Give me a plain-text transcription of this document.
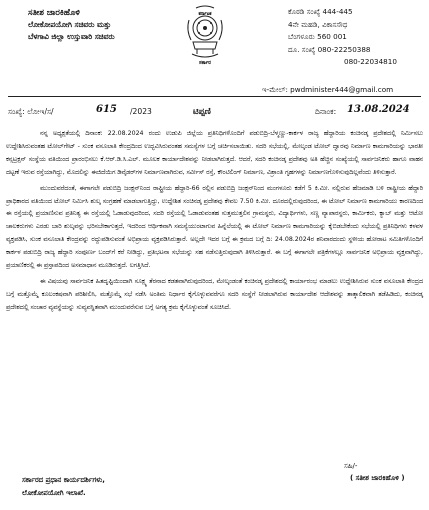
ಸತೀಶ ಜಾರಕಿಹೊಳಿ
ಲೋಕೋಪಯೋಗಿ ಸಚಿವರು ಮತ್ತು
ಬೆಳಗಾವಿ ಜಿಲ್ಲಾ ಉಸ್ತುವಾರಿ ಸಚಿವರು
ಕರ್ನಾಟಕ
ಸರ್ಕಾರ
ಕೊಠಡಿ ಸಂಖ್ಯೆ 444-445
4ನೇ ಮಹಡಿ, ವಿಕಾಸಸೌಧ
ಬೆಂಗಳೂರು 560 001
ದೂ. ಸಂಖ್ಯೆ 080-22250388
080-22034810
ಇ-ಮೇಲ್: pwdminister444@gmail.com
ಸಂಖ್ಯೆ: ಲೋಇ/ಸ/	615 /2023	ಟಿಪ್ಪಣಿ	ದಿನಾಂಕ: 13.08.2024

ನನ್ನ ಅಧ್ಯಕ್ಷತೆಯಲ್ಲಿ ದಿನಾಂಕ: 22.08.2024 ರಂದು ಉಡುಪಿ ಜಿಲ್ಲೆಯ ಪ್ರತಿನಿಧಿಗಳೊಂದಿಗೆ ಪಡುಬಿದ್ರಿ-ಬೆಳ್ಮಣ್ಣು-ಕಾರ್ಕಳ ರಾಜ್ಯ ಹೆದ್ದಾರಿಯ ಕಂಚಿನಡ್ಕ ಪ್ರದೇಶದಲ್ಲಿ ನಿರ್ಮಿಸಲು ಉದ್ದೇಶಿಸಿರುವಂತಹ ಟೋಲ್‌ಗೇಟ್ - ಸುಂಕ ವಸೂಲಾತಿ ಕೇಂದ್ರದಿಂದ ಉದ್ಭವಿಸಿರುವಂತಹ ಸಮಸ್ಯೆಗಳ ಬಗ್ಗೆ ಚರ್ಚಿಸಲಾಯಿತು. ಸದರಿ ಸಭೆಯಲ್ಲಿ, ಮೇಲ್ಕಂಡ ಟೋಲ್ ದ್ವಾರವು ನಿರ್ಮಾಣ ಕಾಮಗಾರಿಯನ್ನು ಭಾರತೀ ಕನ್ಸಟ್ರಕ್ಷನ್ ಸಂಸ್ಥೆಯ ವತಿಯಿಂದ ಪ್ರಾರಂಭಿಸಲು ಕೆ.ಆರ್.ಡಿ.ಸಿ.ಎಲ್. ಮೂಲಕ ಕಾರ್ಯಾದೇಶವನ್ನು ನೀಡಲಾಗಿರುತ್ತದೆ. ಆದರೆ, ಸದರಿ ಕಂಚಿನಡ್ಕ ಪ್ರದೇಶವು ಅತಿ ಹೆಚ್ಚಿನ ಸಂಖ್ಯೆಯಲ್ಲಿ ಸಾರ್ವಜನಿಕರು ಹಾಗೂ ವಾಹನ ದಟ್ಟಣೆ ಇರುವ ರಸ್ತೆಯಾಗಿದ್ದು, ಮೊದಲಿನ್ನು ಈಜಿದೆಯಿಗ ಡಿವೈಡರ್‌ಗಳ ನಿರ್ಮಾಣವಾಗಿರುವ, ಸರ್ವೀಸ್ ರಸ್ತೆ, ಕೌಂಟಿಲಿಂಗ್ ನಿರ್ಮಾಣ, ವಿಶ್ರಾಂತಿ ಗೃಹಗಳನ್ನು ನಿರ್ಮಾಣಗೊಳಿಸುವುದಿಲ್ಲವೆಂದು ತಿಳಿಸುತ್ತಾರೆ.

ಮುಂದುವರೆದಂತೆ, ಈಗಾಗಲೇ ಪಡುಬಿದ್ರಿ ಜಂಕ್ಷನ್‌ನಿಂದ ರಾಷ್ಟ್ರೀಯ ಹೆದ್ದಾರಿ-66 ರಲ್ಲಿನ ಪಡುಬಿದ್ರಿ ಜಂಕ್ಷನ್‌ನಿಂದ ಮಂಗಳೂರು ಕಡೆಗೆ 5 ಕಿ.ಮೀ. ನಲ್ಲಿರುವ ಹೆಜಮಾಡಿ ಬಳಿ ರಾಷ್ಟ್ರೀಯ ಹೆದ್ದಾರಿ ಪ್ರಾಧಿಕಾರದ ವತಿಯಿಂದ ಟೋಲ್ ನಿರ್ಮಿಸಿ ಶುಲ್ಕ ಸಂಗ್ರಹಣೆ ಮಾಡಲಾಗುತ್ತಿದ್ದು, ಉದ್ದೇಶಿತ ಸಂಚಿನಡ್ಕ ಪ್ರದೇಶವು ಕೇವಲ 7.50 ಕಿ.ಮೀ. ದೂರದಲ್ಲಿರುವುದರಿಂದ, ಈ ಟೋಲ್ ನಿರ್ಮಾಣ ಕಾಮಗಾರಿಯು ಕಾರಣದಿಂದ ಈ ರಸ್ತೆಯಲ್ಲಿ ಪ್ರಯಾಣಿಸುವ ಪ್ರತಿನಿತ್ಯ ಈ ರಸ್ತೆಯಲ್ಲಿ ಓಡಾಡುವುದರಿಂದ, ಸದರಿ ರಸ್ತೆಯಲ್ಲಿ ಓಡಾಡುವಂತಹ ಸುತ್ತಮುತ್ತಲಿನ ಗ್ರಾಮಸ್ಥರು, ವಿದ್ಯಾರ್ಥಿಗಳು, ಸಣ್ಣ ವ್ಯಾಪಾರಸ್ಥರು, ಕಾರ್ಮಿಕರು, ಕ್ಯಾಬ್ ಮತ್ತು ಆಟೋ ಚಾಲಕರುಗಳು ಎರಡು ಬಾರಿ ಶುಲ್ಕವನ್ನು ಭರಿಸಬೇಕಾಗುತ್ತದೆ, ಇದರಿಂದ ಆರ್ಥಿಕವಾಗಿ ಸಮಸ್ಯೆಯುಂಟಾಗುವ ಹಿನ್ನೆಲೆಯಲ್ಲಿ ಈ ಟೋಲ್ ನಿರ್ಮಾಣ ಕಾಮಗಾರಿಯನ್ನು ಕೈಬಿಡಬೇಕೆಂದು ಸಭೆಯಲ್ಲಿ ಪ್ರತಿನಿಧಿಗಳು ಕಳವಳ ವ್ಯಕ್ತಪಡಿಸಿ, ಸುಂಕ ವಸೂಲಾತಿ ಕೇಂದ್ರವನ್ನು ರದ್ದುಪಡಿಸುವಂತೆ ಅಭಿಪ್ರಾಯ ವ್ಯಕ್ತಪಡಿಸಿರುತ್ತಾರೆ. ಅಲ್ಲದೇ ಇದರ ಬಗ್ಗೆ ಈ ಕ್ರಮದ ಬಗ್ಗೆ ದಿ: 24.08.2024ರ ಶನಿವಾರದಂದು ಸ್ಥಳೀಯ ಹೋರಾಟ ಸಮಿತಿಗಳೊಂದಿಗೆ ಕಾರ್ಕಳ ಪಡುಬಿದ್ರಿ ರಾಜ್ಯ ಹೆದ್ದಾರಿ ಸಂಪೂರ್ಣ ಬಂದ್‌ಗೆ ಕರೆ ನೀಡಿದ್ದು, ಪ್ರತಿಭಟನಾ ಸಭೆಯನ್ನು ಸಹ ನಡೆಸುತ್ತಿರುವುದಾಗಿ ತಿಳಿಸಿರುತ್ತಾರೆ. ಈ ಬಗ್ಗೆ ಈಗಾಗಲೇ ಪತ್ರಿಕೆಗಳಲ್ಲೂ ಸಾರ್ವಜನಿಕ ಅಭಿಪ್ರಾಯ ವ್ಯಕ್ತವಾಗಿದ್ದು, ಪ್ರಯಾಣಿಕರಲ್ಲಿ ಈ ಪ್ರಸ್ತಾಪದಿಂದ ಅಸಮಾಧಾನ ಮೂಡಿರುತ್ತದೆ. ಲಗತ್ತಿಸಿದೆ.

ಈ ವಿಷಯವು ಸಾರ್ವಜನಿಕ ಹಿತದೃಷ್ಟಿಯಿಂದಾಗಿ ಸೂಕ್ಷ್ಮ ತೆರನಾದ ಕಡತವಾಗಿರುವುದರಿಂದ, ಮೇಲ್ಕಂಡಂತೆ ಕಂಚಿನಡ್ಕ ಪ್ರದೇಶದಲ್ಲಿ ಕಾರ್ಯಾರಂಭ ಮಾಡಲು ಉದ್ದೇಶಿಸಿರುವ ಸುಂಕ ವಸೂಲಾತಿ ಕೇಂದ್ರದ ಬಗ್ಗೆ ಮತ್ತೊಮ್ಮೆ ಕೂಲಂಕಷವಾಗಿ ಪರಿಶೀಲಿಸಿ, ಮತ್ತೊಮ್ಮೆ ಸಭೆ ನಡೆಸಿ ಅಂತಿಮ ನಿರ್ಧಾರ ಕೈಗೊಳ್ಳುವವರೆಗೂ ಸದರಿ ಸಂಸ್ಥೆಗೆ ನೀಡಲಾಗಿರುವ ಕಾರ್ಯಾದೇಶ ಆದೇಶವನ್ನು ತಾತ್ಕಾಲಿಕವಾಗಿ ತಡೆಹಿಡಿದು, ಕಂಚಿನಡ್ಕ ಪ್ರದೇಶದಲ್ಲಿ ಸಂಚಾರ ವ್ಯವಸ್ಥೆಯನ್ನು ಸುವ್ಯವಸ್ಥಿತವಾಗಿ ಮುಂದುವರೆಸುವ ಬಗ್ಗೆ ಅಗತ್ಯ ಕ್ರಮ ಕೈಗೊಳ್ಳುವಂತೆ ಸೂಚಿಸಿದೆ.

ಸಹಿ/-
( ಸತೀಶ ಜಾರಕಿಹೊಳಿ )
ಸರ್ಕಾರದ ಪ್ರಧಾನ ಕಾರ್ಯದರ್ಶಿಗಳು,
ಲೋಕೋಪಯೋಗಿ ಇಲಾಖೆ.
